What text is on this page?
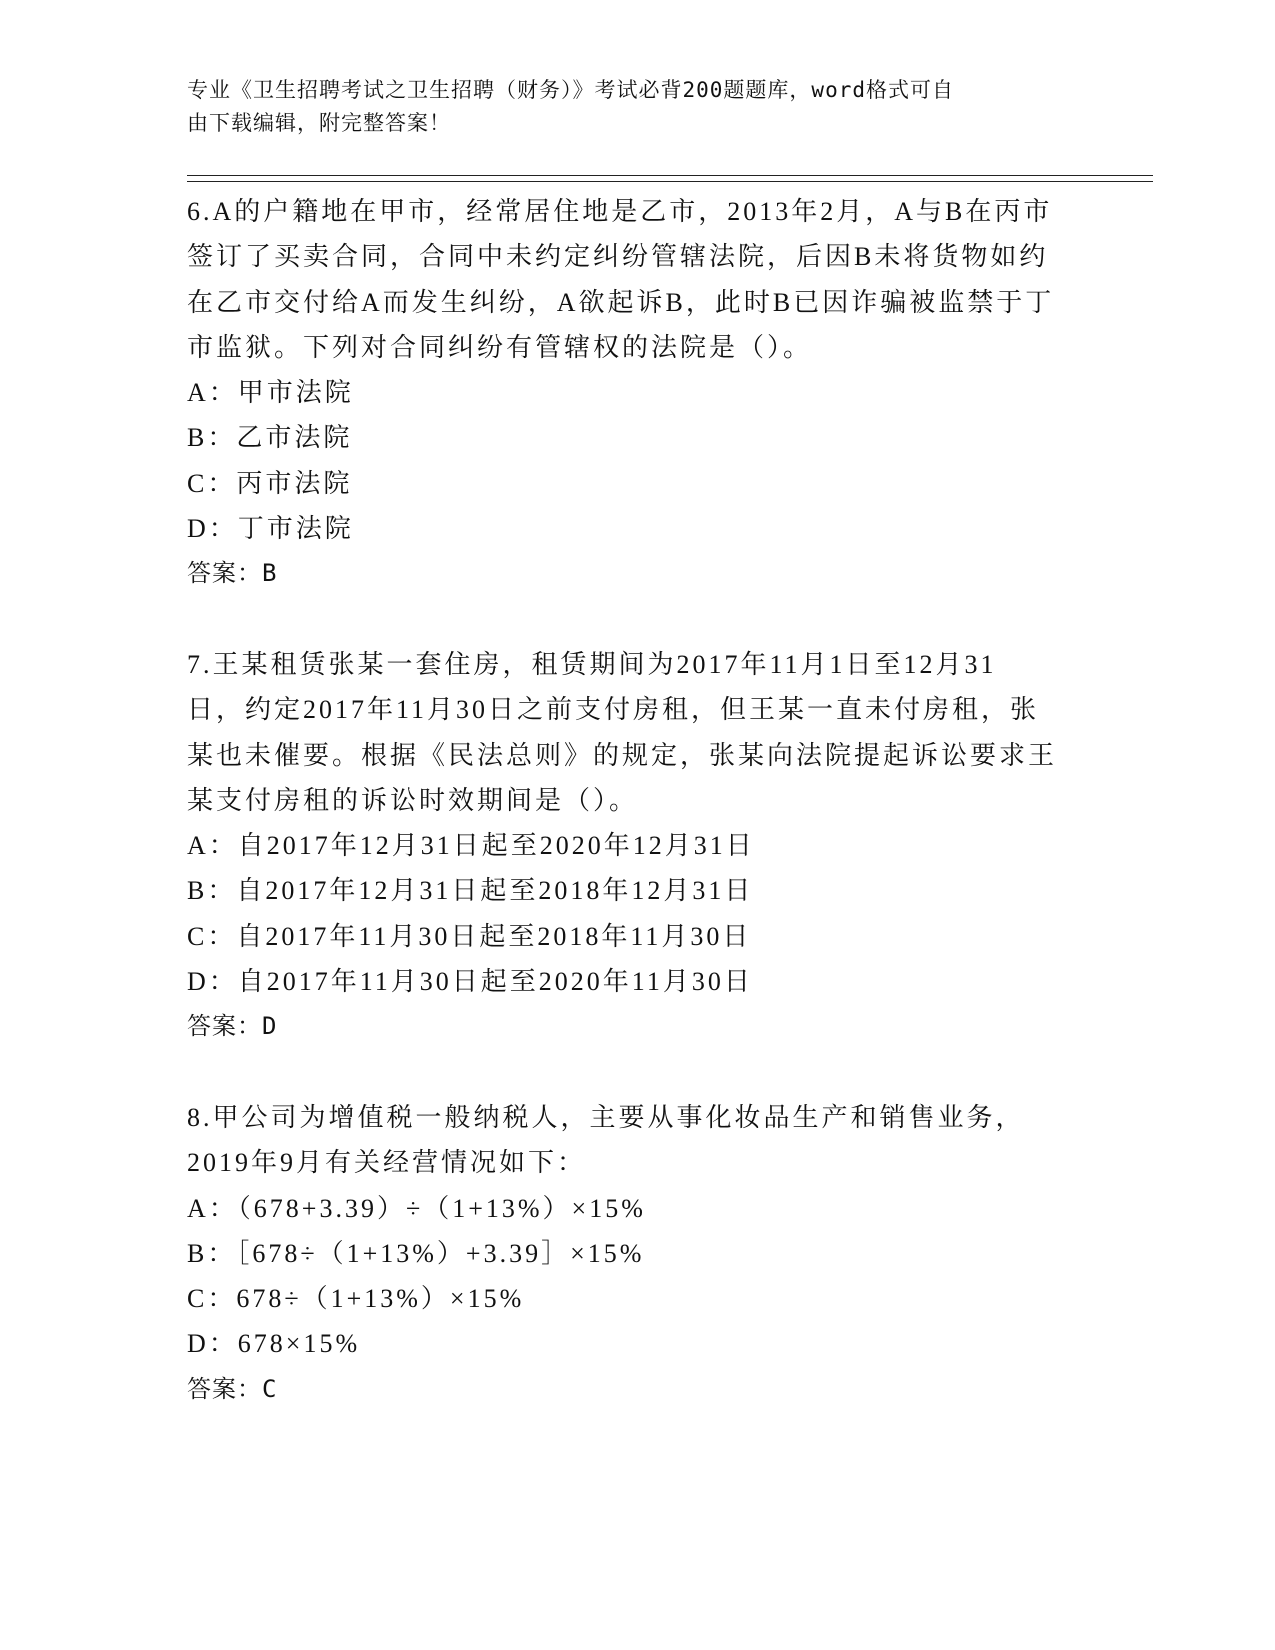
专业《卫生招聘考试之卫生招聘（财务）》考试必背200题题库，word格式可自
由下载编辑，附完整答案！
6.A的户籍地在甲市，经常居住地是乙市，2013年2月，A与B在丙市
签订了买卖合同，合同中未约定纠纷管辖法院，后因B未将货物如约
在乙市交付给A而发生纠纷，A欲起诉B，此时B已因诈骗被监禁于丁
市监狱。下列对合同纠纷有管辖权的法院是（）。
A：甲市法院
B：乙市法院
C：丙市法院
D：丁市法院
答案：B
7.王某租赁张某一套住房，租赁期间为2017年11月1日至12月31
日，约定2017年11月30日之前支付房租，但王某一直未付房租，张
某也未催要。根据《民法总则》的规定，张某向法院提起诉讼要求王
某支付房租的诉讼时效期间是（）。
A：自2017年12月31日起至2020年12月31日
B：自2017年12月31日起至2018年12月31日
C：自2017年11月30日起至2018年11月30日
D：自2017年11月30日起至2020年11月30日
答案：D
8.甲公司为增值税一般纳税人，主要从事化妆品生产和销售业务，
2019年9月有关经营情况如下：
A：（678+3.39）÷（1+13%）×15%
B：［678÷（1+13%）+3.39］×15%
C：678÷（1+13%）×15%
D：678×15%
答案：C
